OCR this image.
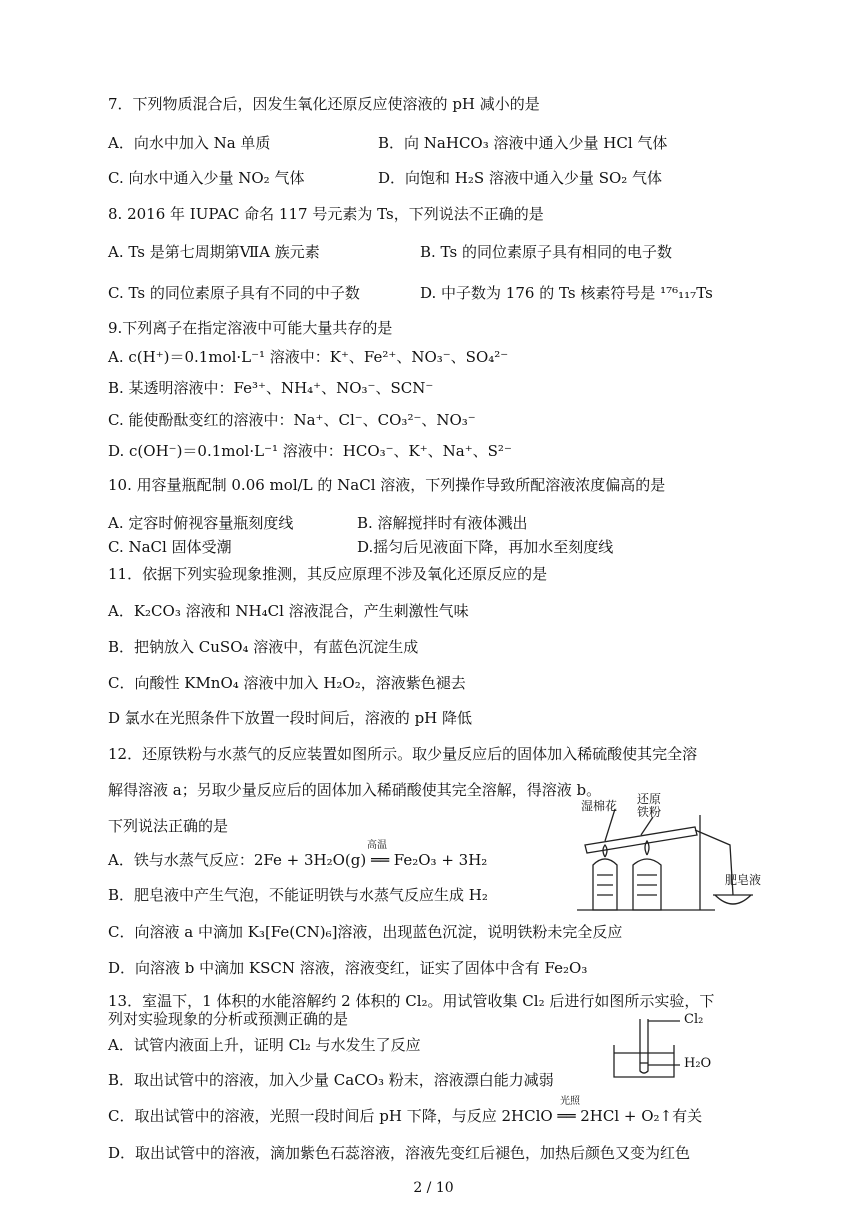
7．下列物质混合后，因发生氧化还原反应使溶液的 pH 减小的是
A．向水中加入 Na 单质	B．向 NaHCO₃ 溶液中通入少量 HCl 气体
C. 向水中通入少量 NO₂ 气体	D．向饱和 H₂S 溶液中通入少量 SO₂ 气体
8. 2016 年 IUPAC 命名 117 号元素为 Ts，下列说法不正确的是
A. Ts 是第七周期第ⅦA 族元素	B. Ts 的同位素原子具有相同的电子数
C. Ts 的同位素原子具有不同的中子数	D. 中子数为 176 的 Ts 核素符号是 ¹⁷⁶₁₁₇Ts
9.下列离子在指定溶液中可能大量共存的是
A. c(H⁺)＝0.1mol·L⁻¹ 溶液中：K⁺、Fe²⁺、NO₃⁻、SO₄²⁻
B. 某透明溶液中：Fe³⁺、NH₄⁺、NO₃⁻、SCN⁻
C. 能使酚酞变红的溶液中：Na⁺、Cl⁻、CO₃²⁻、NO₃⁻
D. c(OH⁻)＝0.1mol·L⁻¹ 溶液中：HCO₃⁻、K⁺、Na⁺、S²⁻
10. 用容量瓶配制 0.06 mol/L 的 NaCl 溶液，下列操作导致所配溶液浓度偏高的是
A. 定容时俯视容量瓶刻度线	B. 溶解搅拌时有液体溅出
C. NaCl 固体受潮	D.摇匀后见液面下降，再加水至刻度线
11．依据下列实验现象推测，其反应原理不涉及氧化还原反应的是
A．K₂CO₃ 溶液和 NH₄Cl 溶液混合，产生刺激性气味
B．把钠放入 CuSO₄ 溶液中，有蓝色沉淀生成
C．向酸性 KMnO₄ 溶液中加入 H₂O₂，溶液紫色褪去
D 氯水在光照条件下放置一段时间后，溶液的 pH 降低
12．还原铁粉与水蒸气的反应装置如图所示。取少量反应后的固体加入稀硫酸使其完全溶
解得溶液 a；另取少量反应后的固体加入稀硝酸使其完全溶解，得溶液 b。
下列说法正确的是
A．铁与水蒸气反应：2Fe + 3H₂O(g) ══ Fe₂O₃ + 3H₂
高温
B．肥皂液中产生气泡，不能证明铁与水蒸气反应生成 H₂
C．向溶液 a 中滴加 K₃[Fe(CN)₆]溶液，出现蓝色沉淀，说明铁粉未完全反应
D．向溶液 b 中滴加 KSCN 溶液，溶液变红，证实了固体中含有 Fe₂O₃
湿棉花 还原
铁粉
肥皂液
13．室温下，1 体积的水能溶解约 2 体积的 Cl₂。用试管收集 Cl₂ 后进行如图所示实验，下
列对实验现象的分析或预测正确的是
A．试管内液面上升，证明 Cl₂ 与水发生了反应
B．取出试管中的溶液，加入少量 CaCO₃ 粉末，溶液漂白能力减弱
C．取出试管中的溶液，光照一段时间后 pH 下降，与反应 2HClO ══ 2HCl + O₂↑有关
光照
D．取出试管中的溶液，滴加紫色石蕊溶液，溶液先变红后褪色，加热后颜色又变为红色
Cl₂
H₂O
2 / 10
